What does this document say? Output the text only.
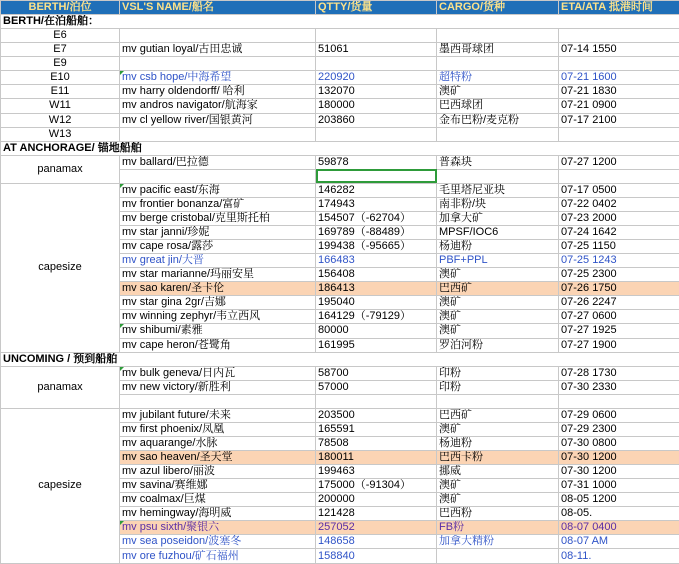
BERTH/泊位	VSL'S NAME/船名	QTTY/货量	CARGO/货种	ETA/ATA 抵港时间
BERTH/在泊船舶：				
E6				
E7	mv gutian loyal/古田忠诚	51061	墨西哥球团	07-14 1550
E9				
E10	mv csb hope/中海希望	220920	超特粉	07-21 1600
E11	mv harry oldendorff/ 哈利	132070	澳矿	07-21 1830
W11	mv andros navigator/航海家	180000	巴西球团	07-21 0900
W12	mv cl yellow river/国银黄河	203860	金布巴粉/麦克粉	07-17 2100
W13				
AT ANCHORAGE/ 锚地船舶				
panamax	mv ballard/巴拉德	59878	普森块	07-27 1200

capesize	mv pacific east/东海	146282	毛里塔尼亚块	07-17 0500
	mv frontier bonanza/富矿	174943	南非粉/块	07-22 0402
	mv berge cristobal/克里斯托柏	154507（-62704）	加拿大矿	07-23 2000
	mv star janni/珍妮	169789（-88489）	MPSF/IOC6	07-24 1642
	mv cape rosa/露莎	199438（-95665）	杨迪粉	07-25 1150
	mv great jin/大晋	166483	PBF+PPL	07-25 1243
	mv star marianne/玛丽安星	156408	澳矿	07-25 2300
	mv sao karen/圣卡伦	186413	巴西矿	07-26 1750
	mv star gina 2gr/吉娜	195040	澳矿	07-26 2247
	mv winning zephyr/韦立西风	164129（-79129）	澳矿	07-27 0600
	mv shibumi/素雅	80000	澳矿	07-27 1925
	mv cape heron/苍鹭角	161995	罗泊河粉	07-27 1900
UNCOMING / 预到船舶				
panamax	mv bulk geneva/日内瓦	58700	印粉	07-28 1730
	mv new victory/新胜利	57000	印粉	07-30 2330

capesize	mv jubilant future/未来	203500	巴西矿	07-29 0600
	mv first phoenix/凤凰	165591	澳矿	07-29 2300
	mv aquarange/水脉	78508	杨迪粉	07-30 0800
	mv sao heaven/圣天堂	180011	巴西卡粉	07-30 1200
	mv azul libero/丽波	199463	挪威	07-30 1200
	mv savina/赛维娜	175000（-91304）	澳矿	07-31 1000
	mv coalmax/巨煤	200000	澳矿	08-05 1200
	mv hemingway/海明威	121428	巴西粉	08-05.
	mv psu sixth/聚银六	257052	FB粉	08-07 0400
	mv sea poseidon/波塞冬	148658	加拿大精粉	08-07 AM
	mv ore fuzhou/矿石福州	158840		08-11.
